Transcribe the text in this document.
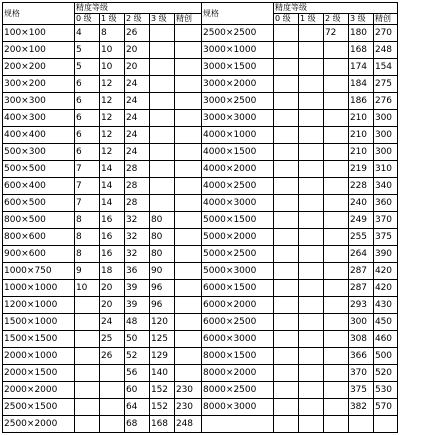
规格	精度等级					规格	精度等级				
	0 级	1 级	2 级	3 级	精创		0 级	1 级	2 级	3 级	精创
100×100	4	8	26			2500×2500			72	180	270
200×100	5	10	20			3000×1000				168	248
200×200	5	10	20			3000×1500				174	154
300×200	6	12	24			3000×2000				184	275
300×300	6	12	24			3000×2500				186	276
400×300	6	12	24			3000×3000				210	300
400×400	6	12	24			4000×1000				210	300
500×300	6	12	24			4000×1500				210	300
500×500	7	14	28			4000×2000				219	310
600×400	7	14	28			4000×2500				228	340
600×500	7	14	28			4000×3000				240	360
800×500	8	16	32	80		5000×1500				249	370
800×600	8	16	32	80		5000×2000				255	375
900×600	8	16	32	80		5000×2500				264	390
1000×750	9	18	36	90		5000×3000				287	420
1000×1000	10	20	39	96		6000×1500				287	420
1200×1000		20	39	96		6000×2000				293	430
1500×1000		24	48	120		6000×2500				300	450
1500×1500		25	50	125		6000×3000				308	460
2000×1000		26	52	129		8000×1500				366	500
2000×1500			56	140		8000×2000				370	520
2000×2000			60	152	230	8000×2500				375	530
2500×1500			64	152	230	8000×3000				382	570
2500×2000			68	168	248						
